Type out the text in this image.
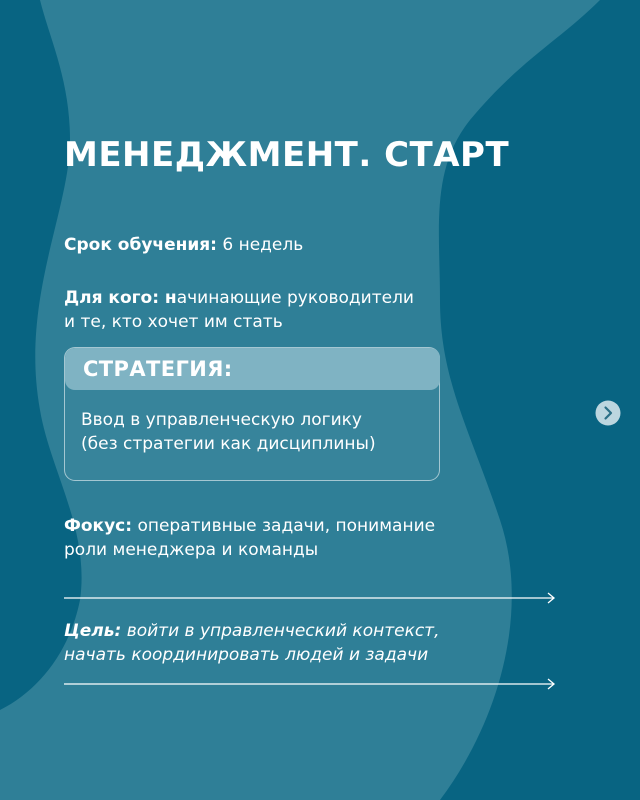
МЕНЕДЖМЕНТ. СТАРТ
Срок обучения: 6 недель
Для кого: начинающие руководители
и те, кто хочет им стать
СТРАТЕГИЯ:
Ввод в управленческую логику
(без стратегии как дисциплины)
Фокус: оперативные задачи, понимание
роли менеджера и команды
Цель: войти в управленческий контекст,
начать координировать людей и задачи
